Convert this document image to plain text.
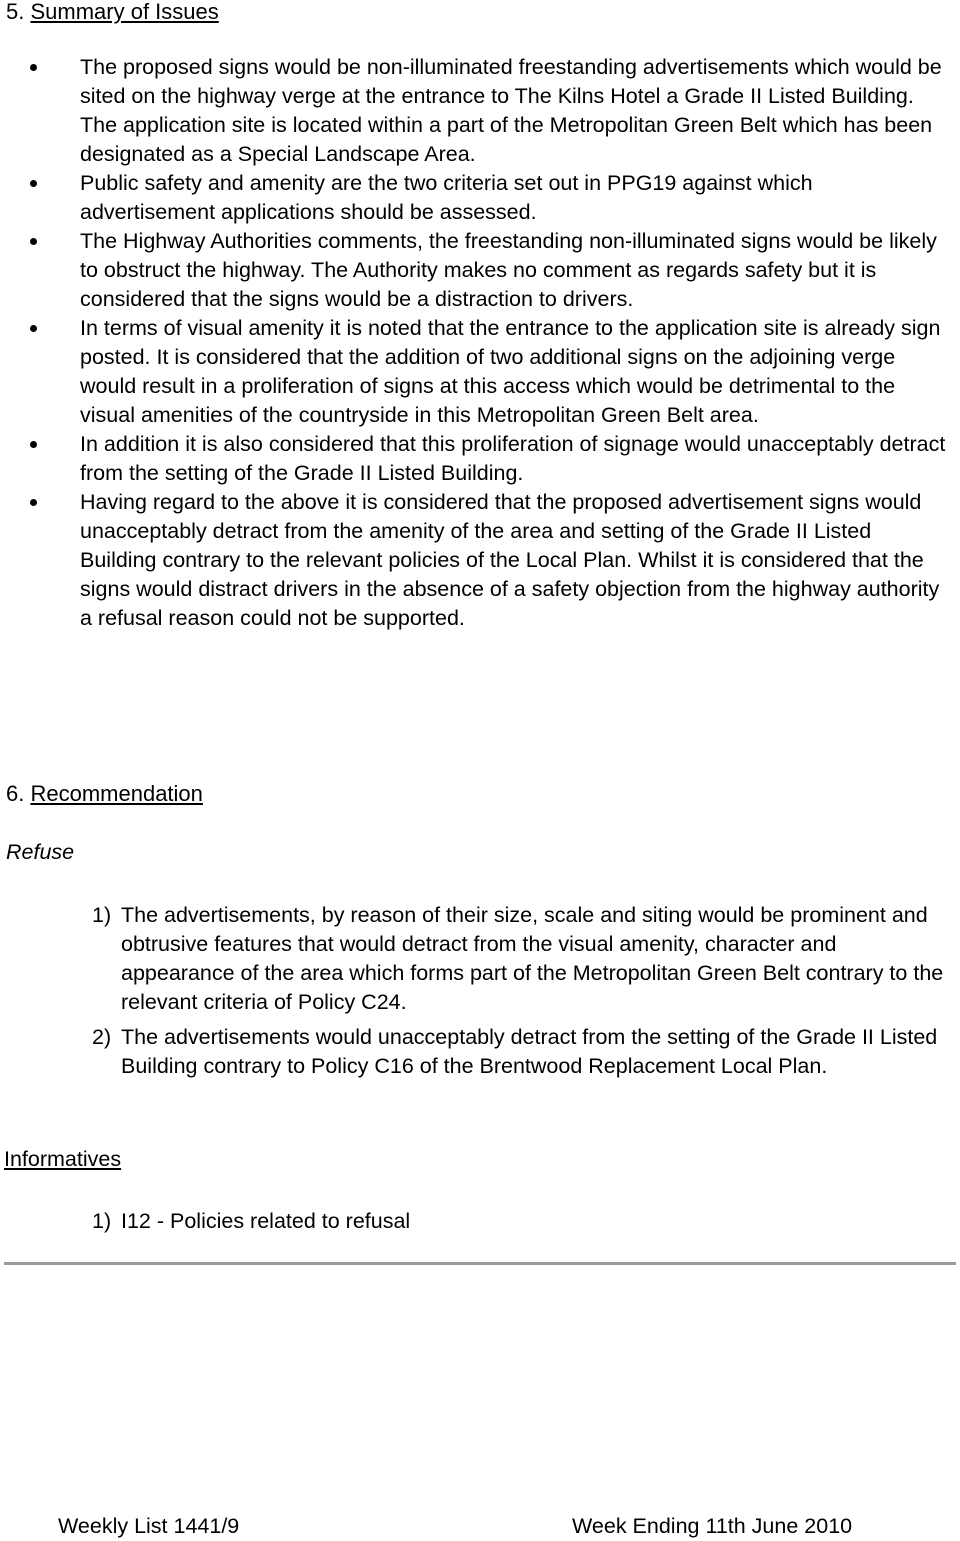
5. Summary of Issues
The proposed signs would be non-illuminated freestanding advertisements which would be sited on the highway verge at the entrance to The Kilns Hotel a Grade II Listed Building. The application site is located within a part of the Metropolitan Green Belt which has been designated as a Special Landscape Area.
Public safety and amenity are the two criteria set out in PPG19 against which advertisement applications should be assessed.
The Highway Authorities comments, the freestanding non-illuminated signs would be likely to obstruct the highway. The Authority makes no comment as regards safety but it is considered that the signs would be a distraction to drivers.
In terms of visual amenity it is noted that the entrance to the application site is already sign posted. It is considered that the addition of two additional signs on the adjoining verge would result in a proliferation of signs at this access which would be detrimental to the visual amenities of the countryside in this Metropolitan Green Belt area.
In addition it is also considered that this proliferation of signage would unacceptably detract from the setting of the Grade II Listed Building.
Having regard to the above it is considered that the proposed advertisement signs would unacceptably detract from the amenity of the area and setting of the Grade II Listed Building contrary to the relevant policies of the Local Plan. Whilst it is considered that the signs would distract drivers in the absence of a safety objection from the highway authority a refusal reason could not be supported.
6. Recommendation
Refuse
1) The advertisements, by reason of their size, scale and siting would be prominent and obtrusive features that would detract from the visual amenity, character and appearance of the area which forms part of the Metropolitan Green Belt contrary to the relevant criteria of Policy C24.
2) The advertisements would unacceptably detract from the setting of the Grade II Listed Building contrary to Policy C16 of the Brentwood Replacement Local Plan.
Informatives
1) I12 - Policies related to refusal
Weekly List 1441/9	Week Ending 11th June 2010
